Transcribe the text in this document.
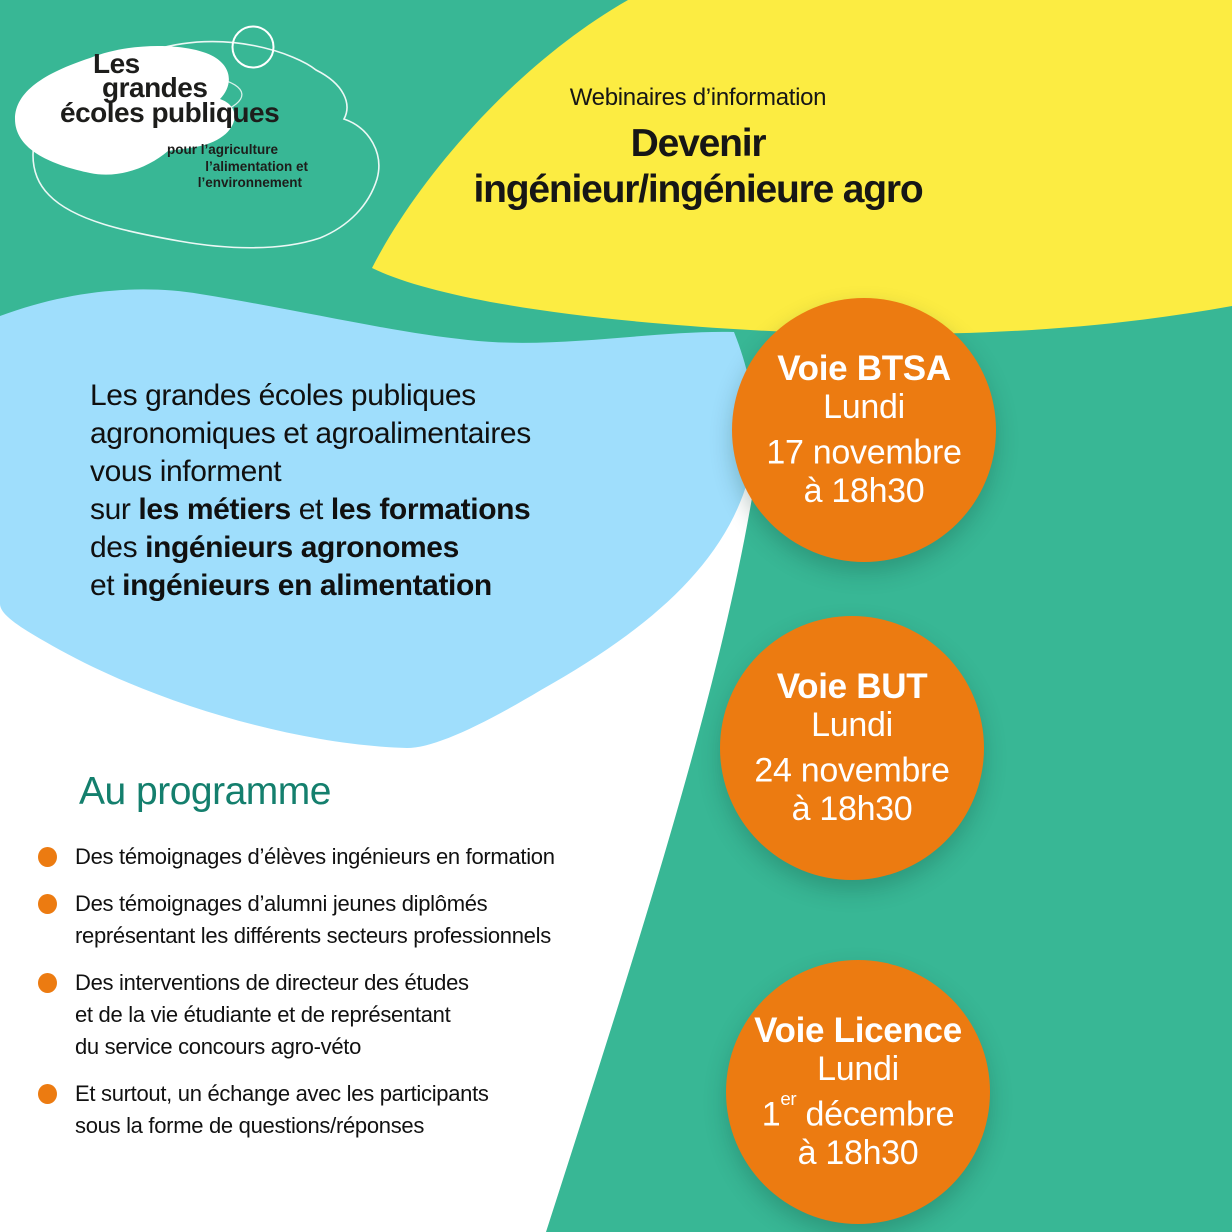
Les
grandes
écoles publiques
pour l’agriculture
l’alimentation et
l’environnement
Webinaires d’information
Devenir
ingénieur/ingénieure agro
Les grandes écoles publiques
agronomiques et agroalimentaires
vous informent
sur les métiers et les formations
des ingénieurs agronomes
et ingénieurs en alimentation
Voie BTSA
Lundi
17 novembre
à 18h30
Voie BUT
Lundi
24 novembre
à 18h30
Voie Licence
Lundi
1er décembre
à 18h30
Au programme
Des témoignages d’élèves ingénieurs en formation
Des témoignages d’alumni jeunes diplômés
représentant les différents secteurs professionnels
Des interventions de directeur des études
et de la vie étudiante et de représentant
du service concours agro-véto
Et surtout, un échange avec les participants
sous la forme de questions/réponses
